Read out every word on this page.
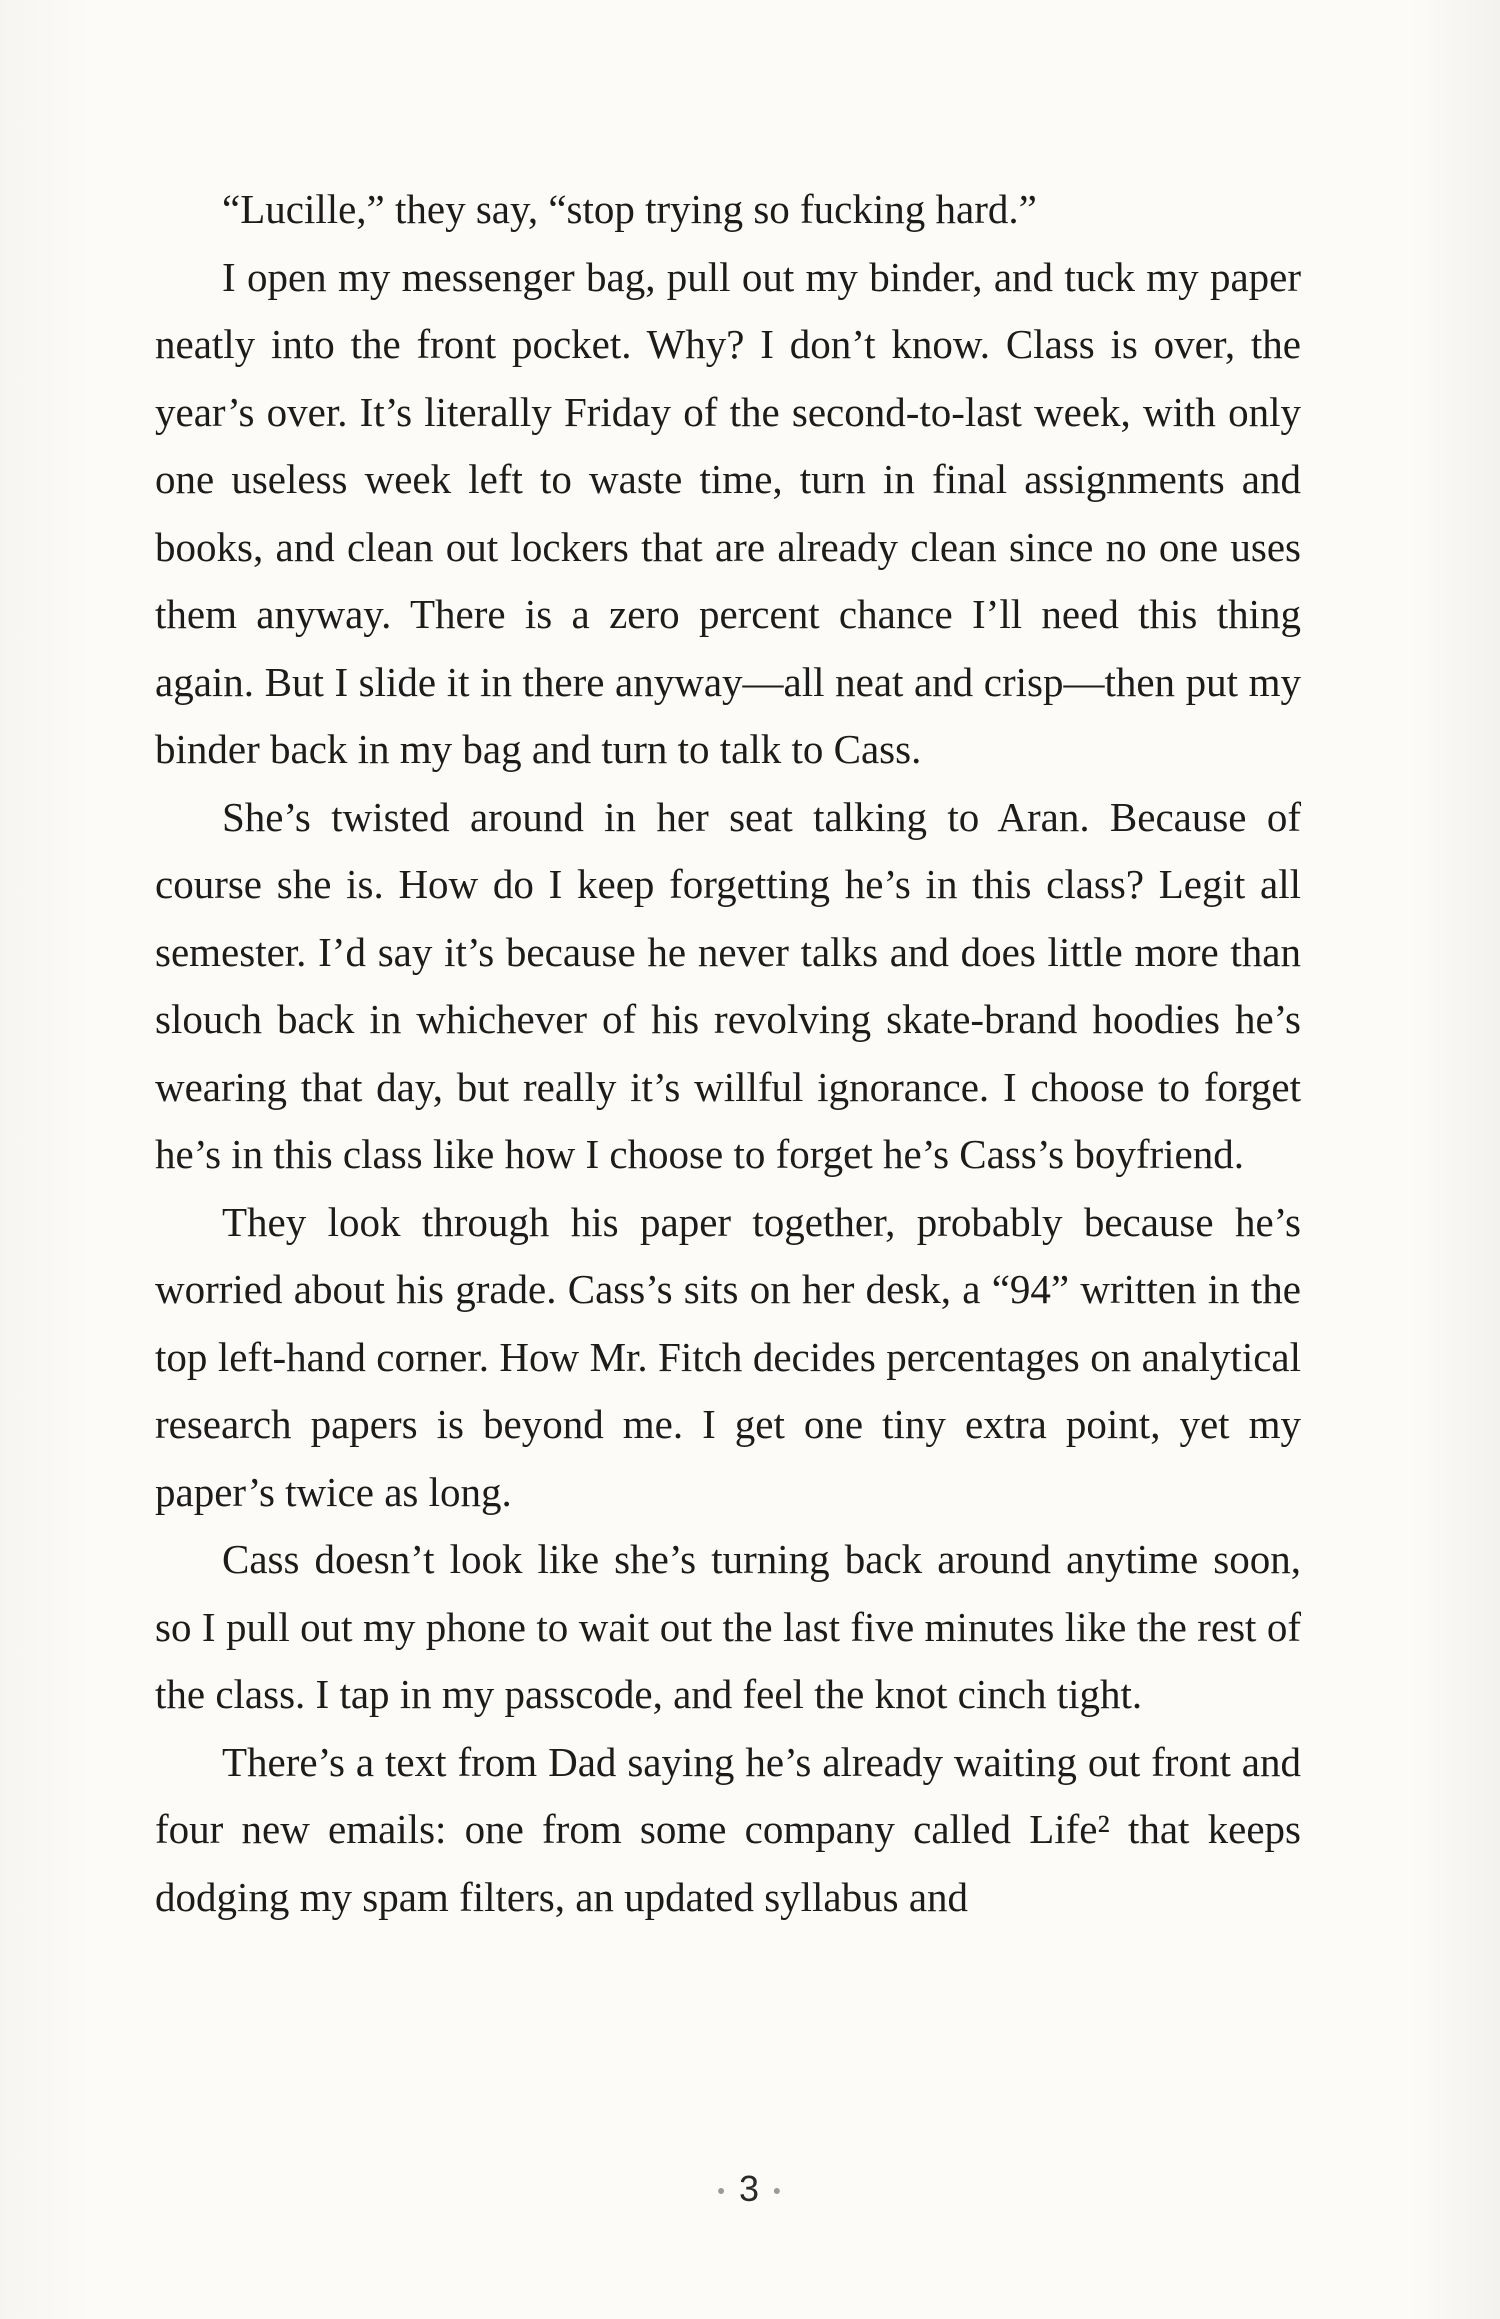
“Lucille,” they say, “stop trying so fucking hard.”

I open my messenger bag, pull out my binder, and tuck my paper neatly into the front pocket. Why? I don’t know. Class is over, the year’s over. It’s literally Friday of the second-to-last week, with only one useless week left to waste time, turn in final assignments and books, and clean out lockers that are already clean since no one uses them anyway. There is a zero percent chance I’ll need this thing again. But I slide it in there anyway—all neat and crisp—then put my binder back in my bag and turn to talk to Cass.

She’s twisted around in her seat talking to Aran. Because of course she is. How do I keep forgetting he’s in this class? Legit all semester. I’d say it’s because he never talks and does little more than slouch back in whichever of his revolving skate-brand hoodies he’s wearing that day, but really it’s willful ignorance. I choose to forget he’s in this class like how I choose to forget he’s Cass’s boyfriend.

They look through his paper together, probably because he’s worried about his grade. Cass’s sits on her desk, a “94” written in the top left-hand corner. How Mr. Fitch decides percentages on analytical research papers is beyond me. I get one tiny extra point, yet my paper’s twice as long.

Cass doesn’t look like she’s turning back around anytime soon, so I pull out my phone to wait out the last five minutes like the rest of the class. I tap in my passcode, and feel the knot cinch tight.

There’s a text from Dad saying he’s already waiting out front and four new emails: one from some company called Life² that keeps dodging my spam filters, an updated syllabus and

• 3 •
